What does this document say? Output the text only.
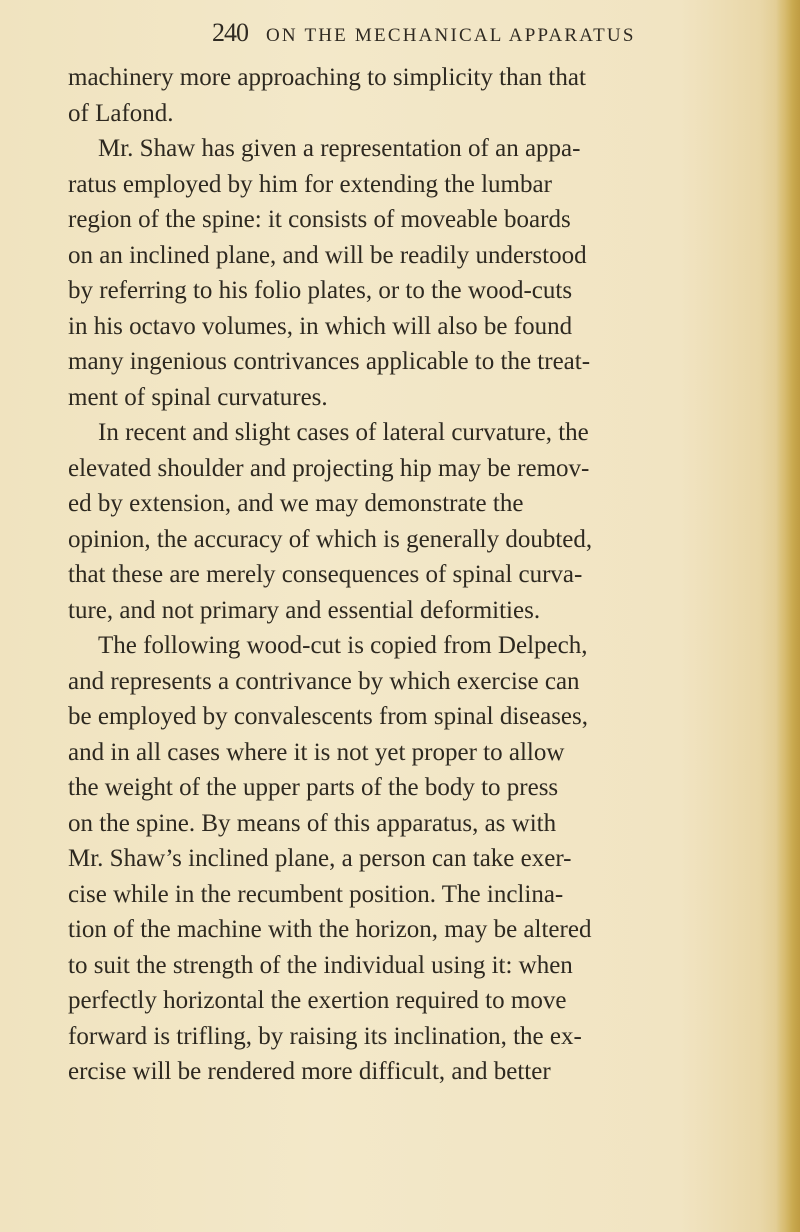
240 ON THE MECHANICAL APPARATUS
machinery more approaching to simplicity than that
of Lafond.
Mr. Shaw has given a representation of an appa-
ratus employed by him for extending the lumbar
region of the spine: it consists of moveable boards
on an inclined plane, and will be readily understood
by referring to his folio plates, or to the wood-cuts
in his octavo volumes, in which will also be found
many ingenious contrivances applicable to the treat-
ment of spinal curvatures.
In recent and slight cases of lateral curvature, the
elevated shoulder and projecting hip may be remov-
ed by extension, and we may demonstrate the
opinion, the accuracy of which is generally doubted,
that these are merely consequences of spinal curva-
ture, and not primary and essential deformities.
The following wood-cut is copied from Delpech,
and represents a contrivance by which exercise can
be employed by convalescents from spinal diseases,
and in all cases where it is not yet proper to allow
the weight of the upper parts of the body to press
on the spine. By means of this apparatus, as with
Mr. Shaw’s inclined plane, a person can take exer-
cise while in the recumbent position. The inclina-
tion of the machine with the horizon, may be altered
to suit the strength of the individual using it: when
perfectly horizontal the exertion required to move
forward is trifling, by raising its inclination, the ex-
ercise will be rendered more difficult, and better
